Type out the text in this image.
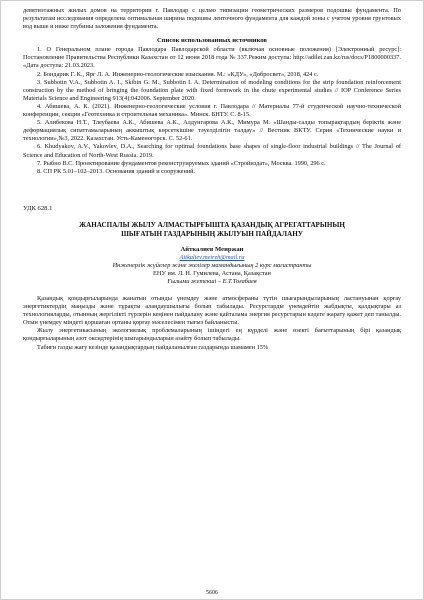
девятиэтажных жилых домов на территории г. Павлодар с целью типизации геометрических размеров подошвы фундамента. По результатам исследования определена оптимальная ширина подошвы ленточного фундамента для каждой зоны с учетом уровня грунтовых вод выше и ниже глубины заложения фундамента.

Список использованных источников

1. О Генеральном плане города Павлодара Павлодарской области (включая основные положения) [Электронный ресурс]: Постановление Правительства Республики Казахстан от 12 июня 2018 года № 337.Режим доступа: http://adilet.zan.kz/rus/docs/P1800000337. «Дата доступа: 21.03.2023.

2. Бондарик Г. К., Ярг Л. А. Инженерно-геологические изыскания. М.: «КДУ», «Добросвет», 2018, 424 с.

3. Subbotin V.A., Subbotin A. I., Skibin G. M., Subbotin I. A. Determination of modeling conditions for the strip foundation reinforcement construction by the method of bringing the foundation plate with fixed formwork in the chute experimental studies // IOP Conference Series Materials Science and Engineering 913(4):042006. September 2020.

4. Абишева, А. К. (2021). Инженерно-геологические условия г. Павлодара // Материалы 77-й студенческой научно-технической конференции, секция «Геотехника и строительная механика». Минск. БНТУ. С. 8-15.

5. Алибекова Н.Т., Тлеубаева А.К., Абишева А.К., Алдунгарова А.К., Мимура М. «Шанды-салды топырақтардың беріктік және деформациялық сипаттамаларының аккыштық көрсеткішіне тәуелділігін талдау» // Вестник ВКТУ. Серия «Технические науки и технологии»,№3, 2022. Казахстан. Усть-Каменогорск. С. 52-61.

6. Khudyakov, A.V., Yakovlev, D.A., Searching for optimal foundations base shapes of single-floor industrial buildings // The Journal of Science and Education of North-West Russia. 2019.

7. Рыбно В.С. Проектирование фундаментов реконструируемых зданий «Стройиздат», Москва. 1990, 296 с.

8. СП РК 5.01–102–2013. Основания зданий и сооружений.

УДК 628.1

ЖАНАСПАЛЫ ЖЫЛУ АЛМАСТЫРҒЫШТА ҚАЗАНДЫҚ АГРЕГАТТАРЫНЫҢ
ШЫҒАТЫН ГАЗДАРЫНЫҢ ЖЫЛУЫН ПАЙДАЛАНУ

Айткалиев Меиржан

Aitkaliev.meirzh@mail.ru

Инженерлік жүйелер және желілер мамандығының 2 курс магистранты

ЕНУ им. Л. Н. Гумилева, Астана, Қазақстан

Ғылыми жетекші – Е.Т.Тоғабаев

Қазандық қондырғыларында жанатын отынды үнемдеу және атмосфераны түтін шығарындыларының ластануынан қорғау энергетиктердің маңызды және тұрақты алаңдаушылығы болып табылады. Ресурстарды үнемдейтін жабдықты, қалдықтары аз технологияларды, отынның жергілікті түрлерін кеңінен пайдалану және қайталама энергия ресурстарын кәдеге жарату қажет деп танылды. Отын үнемдеу міндеті қоршаған ортаны қорғау мәселесімен тығыз байланысты.

Жылу энергетикасының экологиялық проблемаларының ішіндегі ең күрделі және өзекті бағыттарының бірі қазандық қондырғыларының азот оксидтерінің шығарындыларын азайту болып табылады.

Табиғи газды жағу кезінде қазандықтардың пайдаланылған газдарында шамамен 15%

5606
